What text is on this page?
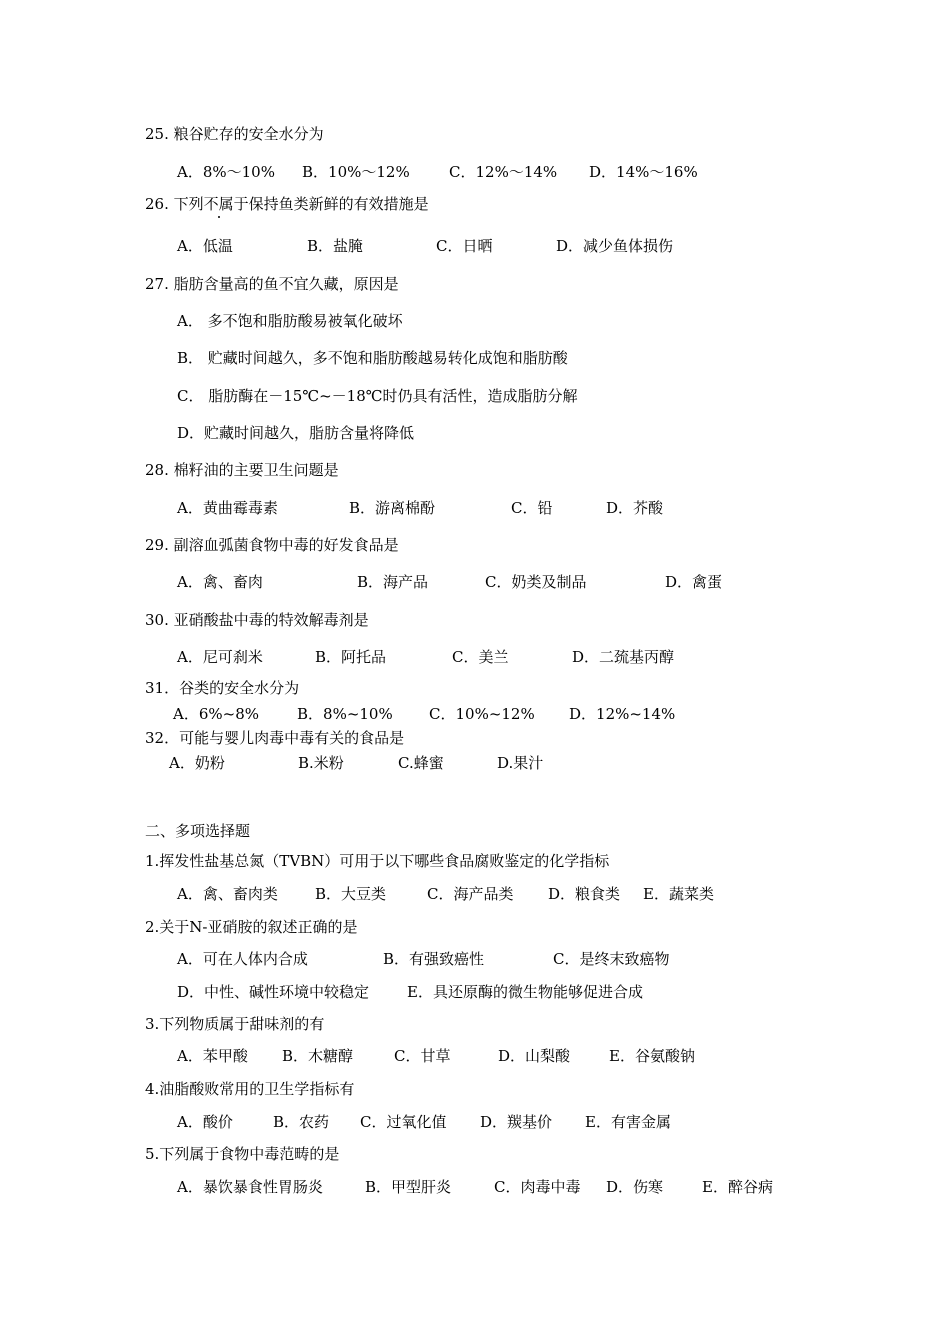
25. 粮谷贮存的安全水分为
A．8%～10% B．10%～12%	C．12%～14% D．14%～16%
26. 下列不属于保持鱼类新鲜的有效措施是
A．低温	B．盐腌	C．日晒	D．减少鱼体损伤
27. 脂肪含量高的鱼不宜久藏，原因是
A． 多不饱和脂肪酸易被氧化破坏
B． 贮藏时间越久，多不饱和脂肪酸越易转化成饱和脂肪酸
C． 脂肪酶在－15℃~－18℃时仍具有活性，造成脂肪分解
D．贮藏时间越久，脂肪含量将降低
28. 棉籽油的主要卫生问题是
A．黄曲霉毒素	B．游离棉酚	C．铅	D．芥酸
29. 副溶血弧菌食物中毒的好发食品是
A．禽、畜肉	B．海产品	C．奶类及制品	D．禽蛋
30. 亚硝酸盐中毒的特效解毒剂是
A．尼可刹米	B．阿托品	C．美兰	D．二巯基丙醇
31．谷类的安全水分为
A．6%~8%	B．8%~10% C．10%~12% D．12%~14%
32．可能与婴儿肉毒中毒有关的食品是
A．奶粉	B.米粉	C.蜂蜜	D.果汁
二、多项选择题
1.挥发性盐基总氮（TVBN）可用于以下哪些食品腐败鉴定的化学指标
A．禽、畜肉类 B．大豆类	C．海产品类 D．粮食类 E．蔬菜类
2.关于N-亚硝胺的叙述正确的是
A．可在人体内合成	B．有强致癌性	C．是终末致癌物
D．中性、碱性环境中较稳定	E．具还原酶的微生物能够促进合成
3.下列物质属于甜味剂的有
A．苯甲酸 B．木糖醇	C．甘草	D．山梨酸	E．谷氨酸钠
4.油脂酸败常用的卫生学指标有
A．酸价	B．农药 C．过氧化值 D．羰基价 E．有害金属
5.下列属于食物中毒范畴的是
A．暴饮暴食性胃肠炎	B．甲型肝炎	C．肉毒中毒 D．伤寒	E．醉谷病
